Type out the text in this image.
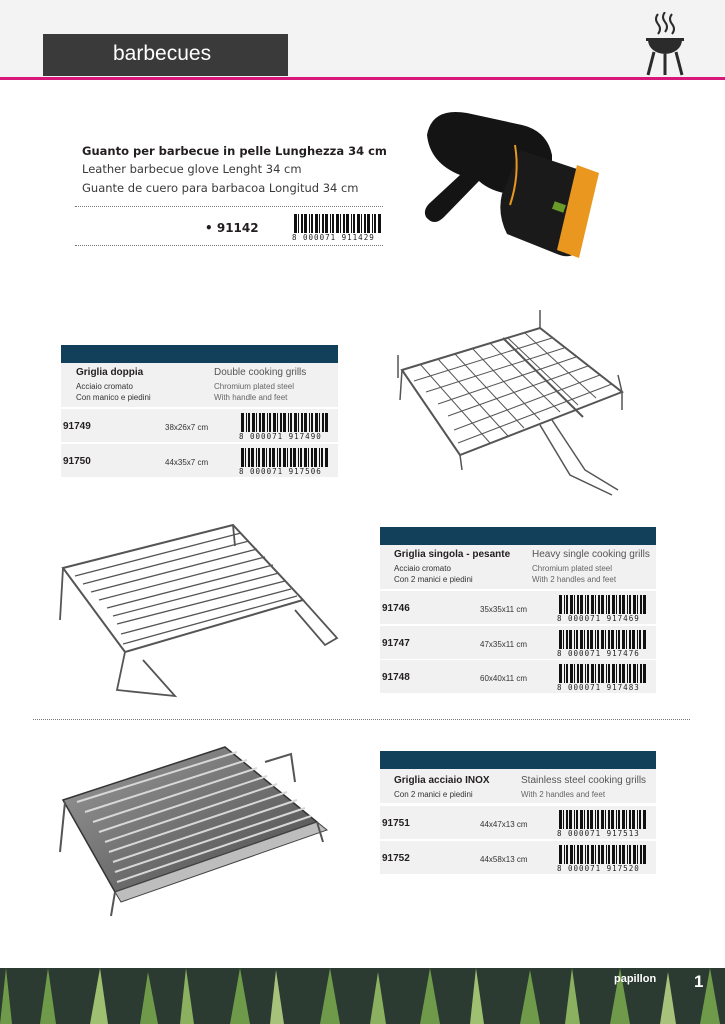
barbecues
Guanto per barbecue in pelle Lunghezza 34 cm
Leather barbecue glove Lenght 34 cm
Guante de cuero para barbacoa Longitud 34 cm
• 91142
8 000071 911429
Griglia doppia
Acciaio cromato
Con manico e piedini
Double cooking grills
Chromium plated steel
With handle and feet
91749	38x26x7 cm
8 000071 917490
91750	44x35x7 cm
8 000071 917506
Griglia singola - pesante
Acciaio cromato
Con 2 manici e piedini
Heavy single cooking grills
Chromium plated steel
With 2 handles and feet
91746	35x35x11 cm
8 000071 917469
91747	47x35x11 cm
8 000071 917476
91748	60x40x11 cm
8 000071 917483
Griglia acciaio INOX
Con 2 manici e piedini
Stainless steel cooking grills
With 2 handles and feet
91751	44x47x13 cm
8 000071 917513
91752	44x58x13 cm
8 000071 917520
papillon 1
